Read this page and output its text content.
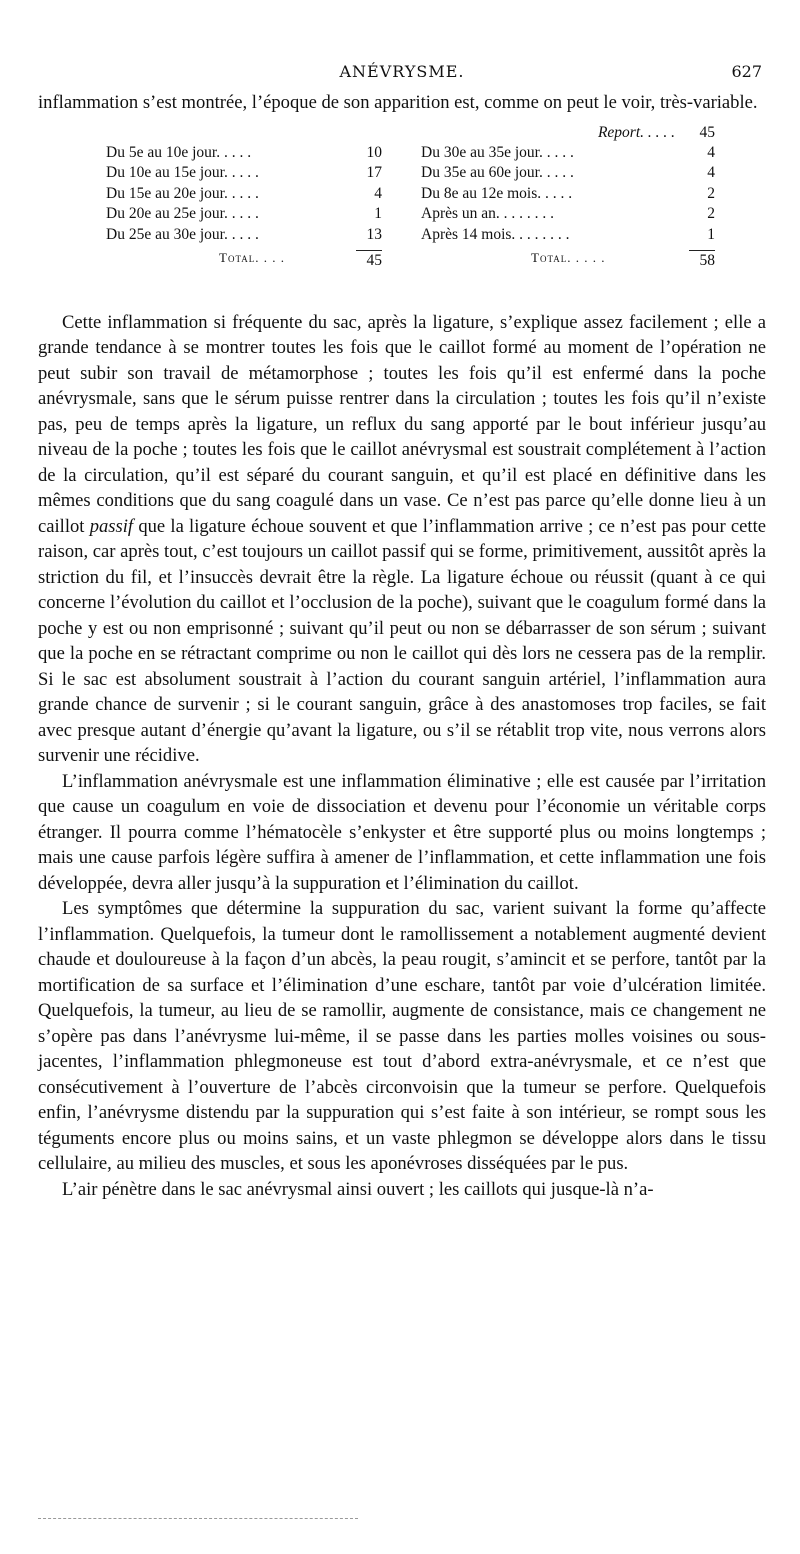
ANÉVRYSME.	627

inflammation s’est montrée, l’époque de son apparition est, comme on peut le voir, très-variable.

Du 5e au 10e jour. . . . .	10
Du 10e au 15e jour. . . . .	17
Du 15e au 20e jour. . . . .	4
Du 20e au 25e jour. . . . .	1
Du 25e au 30e jour. . . . .	13
Total. . . .	45
Report. . . . .	45
Du 30e au 35e jour. . . . .	4
Du 35e au 60e jour. . . . .	4
Du 8e au 12e mois. . . . .	2
Après un an. . . . . . . .	2
Après 14 mois. . . . . . . .	1
Total. . . . .	58

Cette inflammation si fréquente du sac, après la ligature, s’explique assez facilement ; elle a grande tendance à se montrer toutes les fois que le caillot formé au moment de l’opération ne peut subir son travail de métamorphose ; toutes les fois qu’il est enfermé dans la poche anévrysmale, sans que le sérum puisse rentrer dans la circulation ; toutes les fois qu’il n’existe pas, peu de temps après la ligature, un reflux du sang apporté par le bout inférieur jusqu’au niveau de la poche ; toutes les fois que le caillot anévrysmal est soustrait complétement à l’action de la circulation, qu’il est séparé du courant sanguin, et qu’il est placé en définitive dans les mêmes conditions que du sang coagulé dans un vase. Ce n’est pas parce qu’elle donne lieu à un caillot passif que la ligature échoue souvent et que l’inflammation arrive ; ce n’est pas pour cette raison, car après tout, c’est toujours un caillot passif qui se forme, primitivement, aussitôt après la striction du fil, et l’insuccès devrait être la règle. La ligature échoue ou réussit (quant à ce qui concerne l’évolution du caillot et l’occlusion de la poche), suivant que le coagulum formé dans la poche y est ou non emprisonné ; suivant qu’il peut ou non se débarrasser de son sérum ; suivant que la poche en se rétractant comprime ou non le caillot qui dès lors ne cessera pas de la remplir. Si le sac est absolument soustrait à l’action du courant sanguin artériel, l’inflammation aura grande chance de survenir ; si le courant sanguin, grâce à des anastomoses trop faciles, se fait avec presque autant d’énergie qu’avant la ligature, ou s’il se rétablit trop vite, nous verrons alors survenir une récidive.

L’inflammation anévrysmale est une inflammation éliminative ; elle est causée par l’irritation que cause un coagulum en voie de dissociation et devenu pour l’économie un véritable corps étranger. Il pourra comme l’hématocèle s’enkyster et être supporté plus ou moins longtemps ; mais une cause parfois légère suffira à amener de l’inflammation, et cette inflammation une fois développée, devra aller jusqu’à la suppuration et l’élimination du caillot.

Les symptômes que détermine la suppuration du sac, varient suivant la forme qu’affecte l’inflammation. Quelquefois, la tumeur dont le ramollissement a notablement augmenté devient chaude et douloureuse à la façon d’un abcès, la peau rougit, s’amincit et se perfore, tantôt par la mortification de sa surface et l’élimination d’une eschare, tantôt par voie d’ulcération limitée. Quelquefois, la tumeur, au lieu de se ramollir, augmente de consistance, mais ce changement ne s’opère pas dans l’anévrysme lui-même, il se passe dans les parties molles voisines ou sous-jacentes, l’inflammation phlegmoneuse est tout d’abord extra-anévrysmale, et ce n’est que consécutivement à l’ouverture de l’abcès circonvoisin que la tumeur se perfore. Quelquefois enfin, l’anévrysme distendu par la suppuration qui s’est faite à son intérieur, se rompt sous les téguments encore plus ou moins sains, et un vaste phlegmon se développe alors dans le tissu cellulaire, au milieu des muscles, et sous les aponévroses disséquées par le pus.

L’air pénètre dans le sac anévrysmal ainsi ouvert ; les caillots qui jusque-là n’a-
